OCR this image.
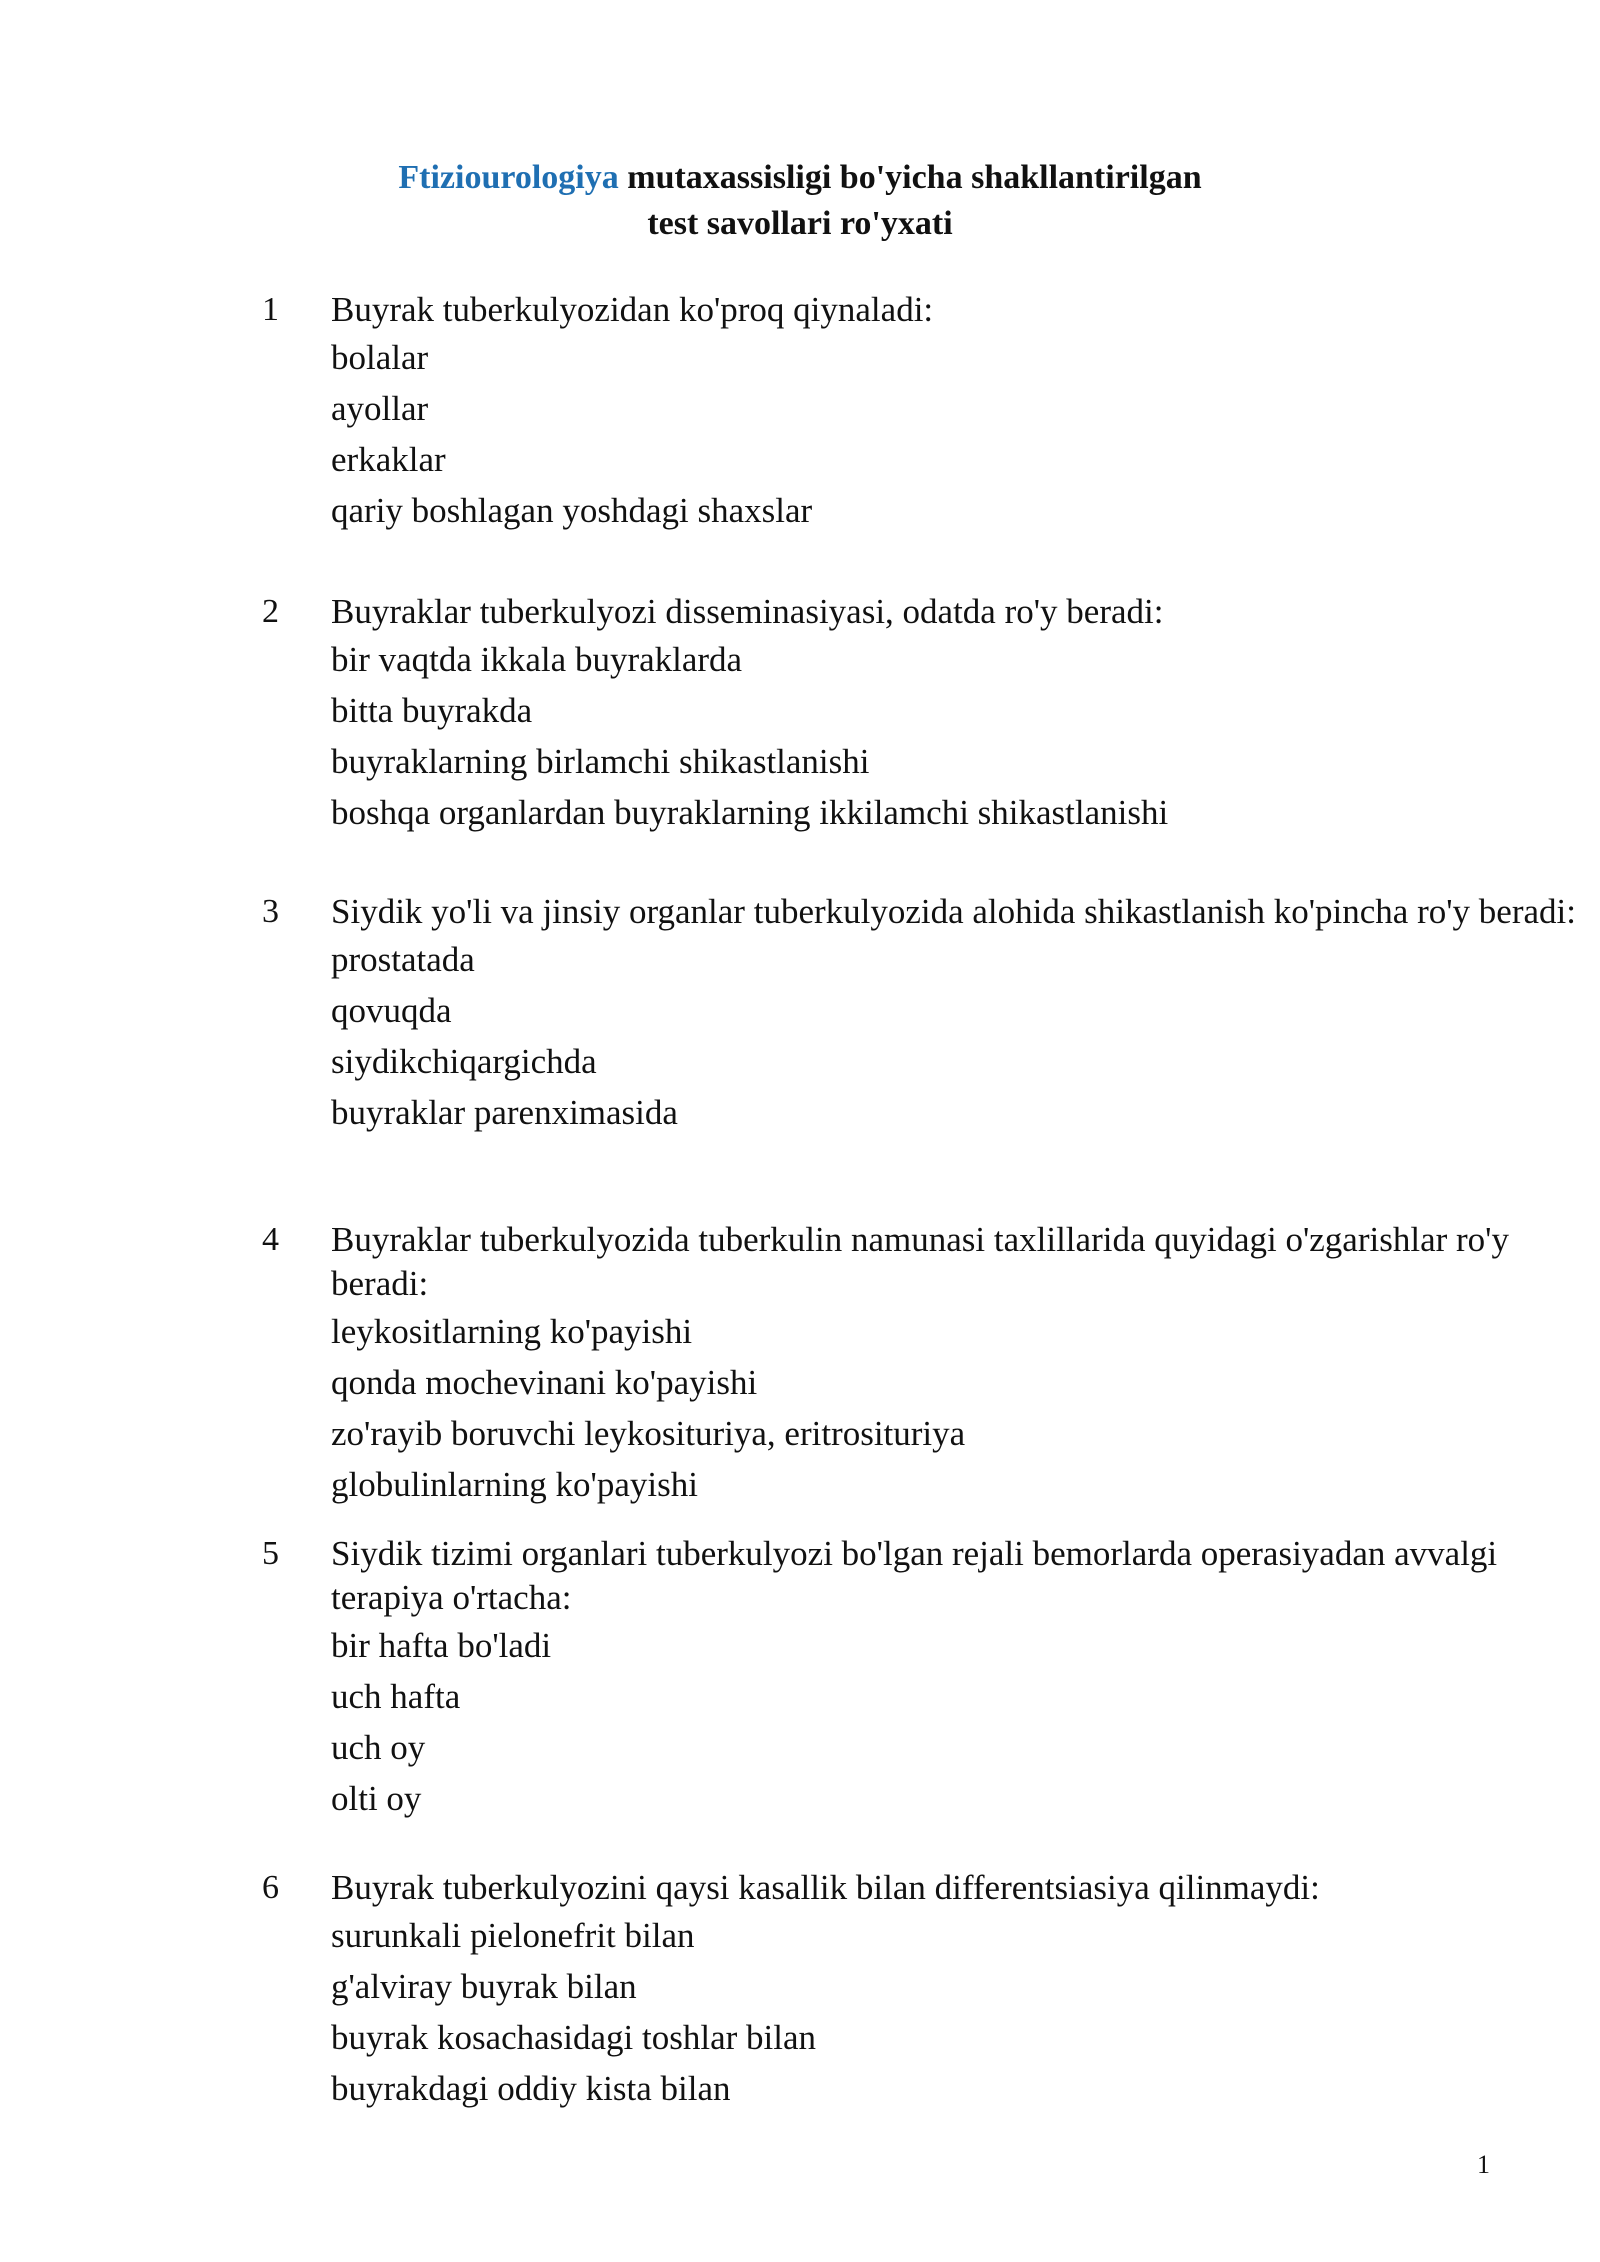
Ftiziourologiya mutaxassisligi bo'yicha shakllantirilgan
test savollari ro'yxati
1 Buyrak tuberkulyozidan ko'proq qiynaladi:

bolalar

ayollar

erkaklar

qariy boshlagan yoshdagi shaxslar

2 Buyraklar tuberkulyozi disseminasiyasi, odatda ro'y beradi:

bir vaqtda ikkala buyraklarda

bitta buyrakda

buyraklarning birlamchi shikastlanishi

boshqa organlardan buyraklarning ikkilamchi shikastlanishi

3 Siydik yo'li va jinsiy organlar tuberkulyozida alohida shikastlanish ko'pincha ro'y beradi:

prostatada

qovuqda

siydikchiqargichda

buyraklar parenximasida

4 Buyraklar tuberkulyozida tuberkulin namunasi taxlillarida quyidagi o'zgarishlar ro'y beradi:

leykositlarning ko'payishi

qonda mochevinani ko'payishi

zo'rayib boruvchi leykosituriya, eritrosituriya

globulinlarning ko'payishi

5 Siydik tizimi organlari tuberkulyozi bo'lgan rejali bemorlarda operasiyadan avvalgi terapiya o'rtacha:

bir hafta bo'ladi

uch hafta

uch oy

olti oy

6 Buyrak tuberkulyozini qaysi kasallik bilan differentsiasiya qilinmaydi:

surunkali pielonefrit bilan

g'alviray buyrak bilan

buyrak kosachasidagi toshlar bilan

buyrakdagi oddiy kista bilan

1
